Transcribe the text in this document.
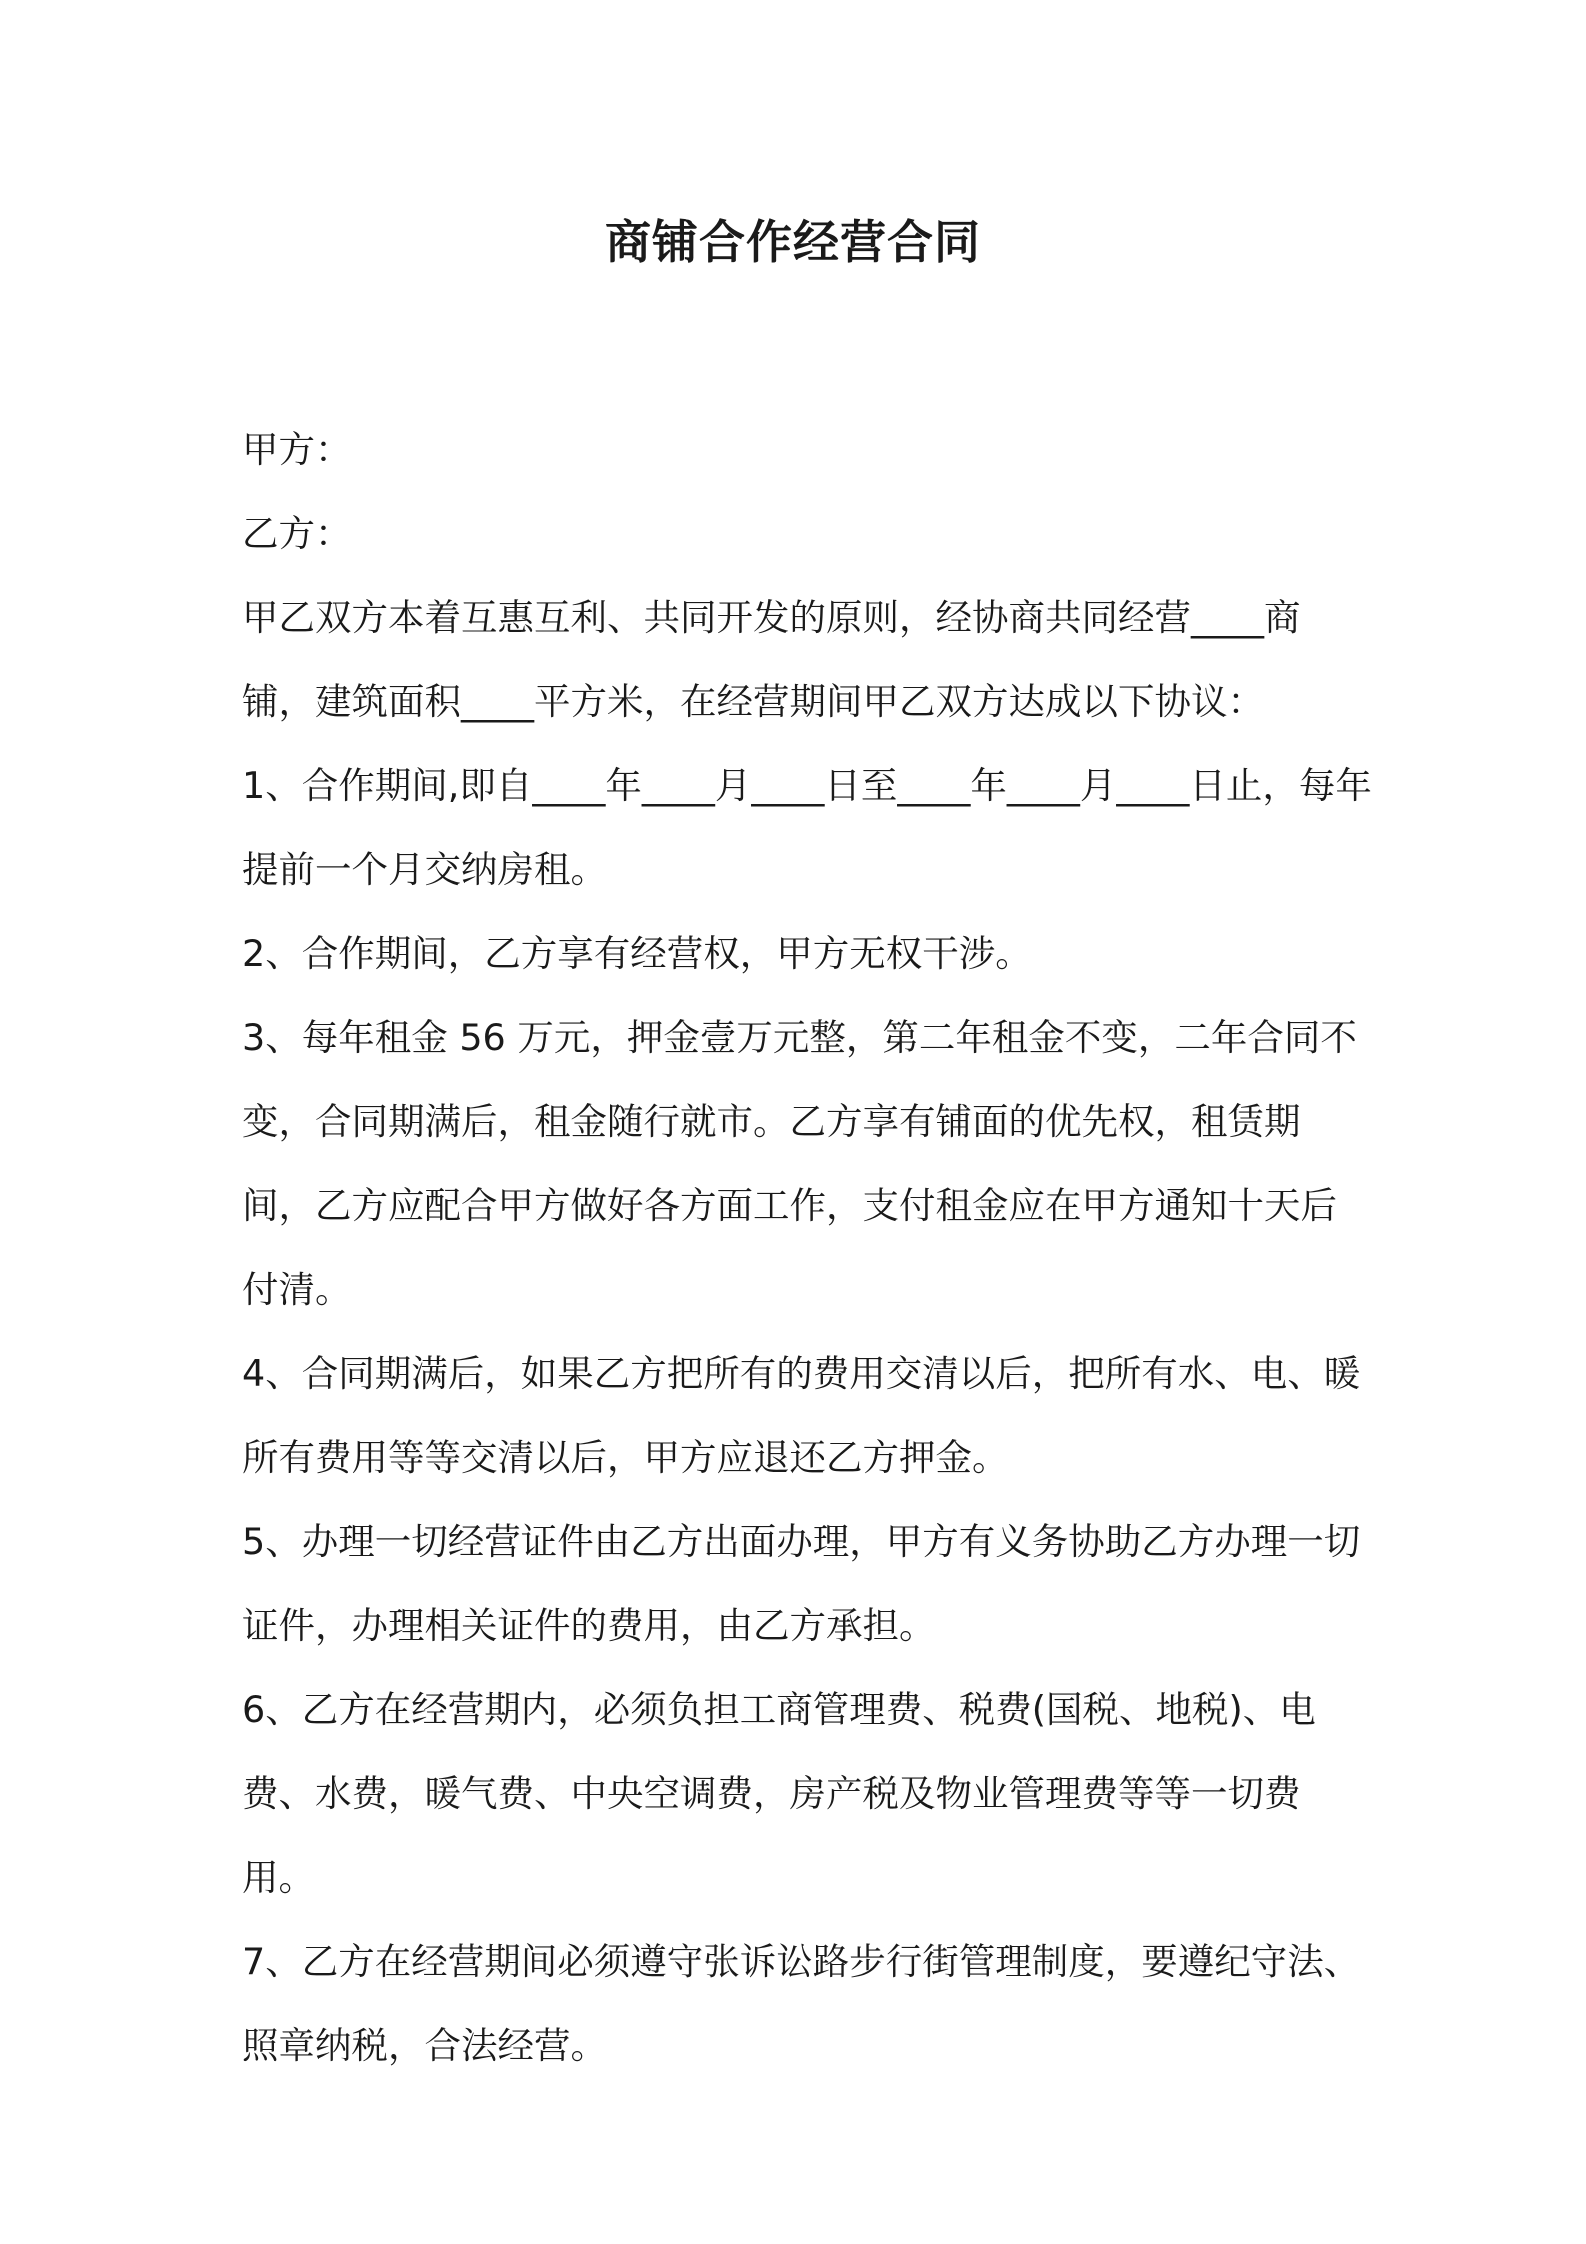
商铺合作经营合同

甲方：

乙方：

甲乙双方本着互惠互利、共同开发的原则，经协商共同经营____商铺，建筑面积____平方米，在经营期间甲乙双方达成以下协议：

1、合作期间,即自____年____月____日至____年____月____日止，每年提前一个月交纳房租。

2、合作期间，乙方享有经营权，甲方无权干涉。

3、每年租金 56 万元，押金壹万元整，第二年租金不变，二年合同不变，合同期满后，租金随行就市。乙方享有铺面的优先权，租赁期间，乙方应配合甲方做好各方面工作，支付租金应在甲方通知十天后付清。

4、合同期满后，如果乙方把所有的费用交清以后，把所有水、电、暖所有费用等等交清以后，甲方应退还乙方押金。

5、办理一切经营证件由乙方出面办理，甲方有义务协助乙方办理一切证件，办理相关证件的费用，由乙方承担。

6、乙方在经营期内，必须负担工商管理费、税费(国税、地税)、电费、水费，暖气费、中央空调费，房产税及物业管理费等等一切费用。

7、乙方在经营期间必须遵守张诉讼路步行街管理制度，要遵纪守法、照章纳税，合法经营。
